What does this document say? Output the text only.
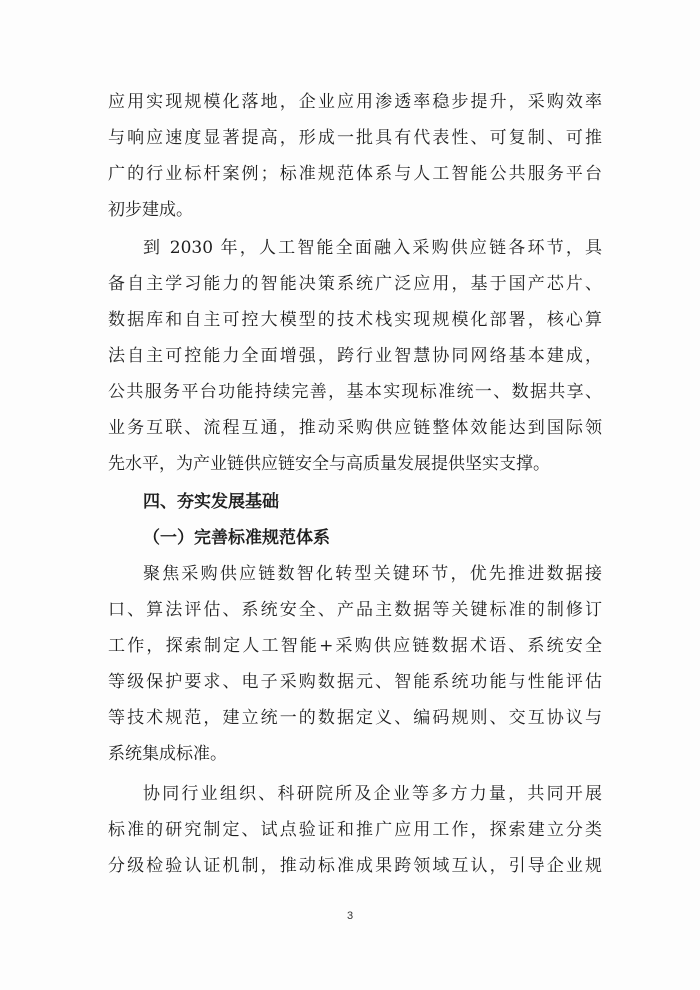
应用实现规模化落地，企业应用渗透率稳步提升，采购效率
与响应速度显著提高，形成一批具有代表性、可复制、可推
广的行业标杆案例；标准规范体系与人工智能公共服务平台
初步建成。
到 2030 年，人工智能全面融入采购供应链各环节，具
备自主学习能力的智能决策系统广泛应用，基于国产芯片、
数据库和自主可控大模型的技术栈实现规模化部署，核心算
法自主可控能力全面增强，跨行业智慧协同网络基本建成，
公共服务平台功能持续完善，基本实现标准统一、数据共享、
业务互联、流程互通，推动采购供应链整体效能达到国际领
先水平，为产业链供应链安全与高质量发展提供坚实支撑。
四、夯实发展基础
（一）完善标准规范体系
聚焦采购供应链数智化转型关键环节，优先推进数据接
口、算法评估、系统安全、产品主数据等关键标准的制修订
工作，探索制定人工智能+采购供应链数据术语、系统安全
等级保护要求、电子采购数据元、智能系统功能与性能评估
等技术规范，建立统一的数据定义、编码规则、交互协议与
系统集成标准。
协同行业组织、科研院所及企业等多方力量，共同开展
标准的研究制定、试点验证和推广应用工作，探索建立分类
分级检验认证机制，推动标准成果跨领域互认，引导企业规
3
